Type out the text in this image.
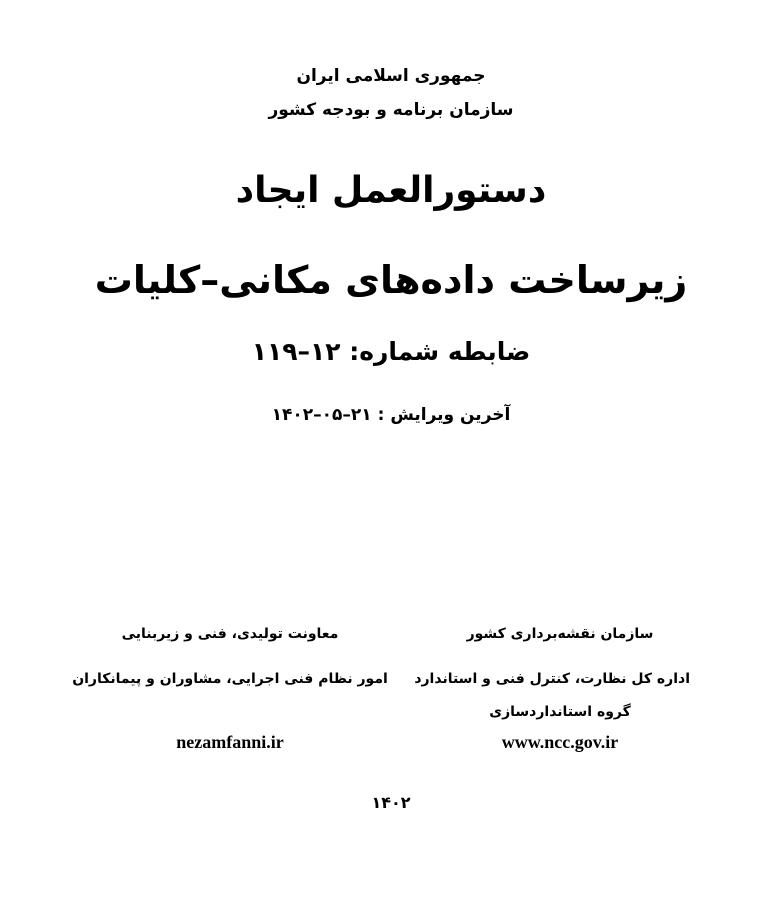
جمهوری اسلامی ایران
سازمان برنامه و بودجه کشور
دستورالعمل ایجاد
زیرساخت داده‌های مکانی–کلیات
ضابطه شماره: ۱۲–۱۱۹
آخرین ویرایش : ۲۱–۰۵–۱۴۰۲
سازمان نقشه‌برداری کشور
اداره کل نظارت، کنترل فنی و استاندارد
گروه استانداردسازی
www.ncc.gov.ir
معاونت تولیدی، فنی و زیربنایی
امور نظام فنی اجرایی، مشاوران و پیمانکاران
nezamfanni.ir
۱۴۰۲
